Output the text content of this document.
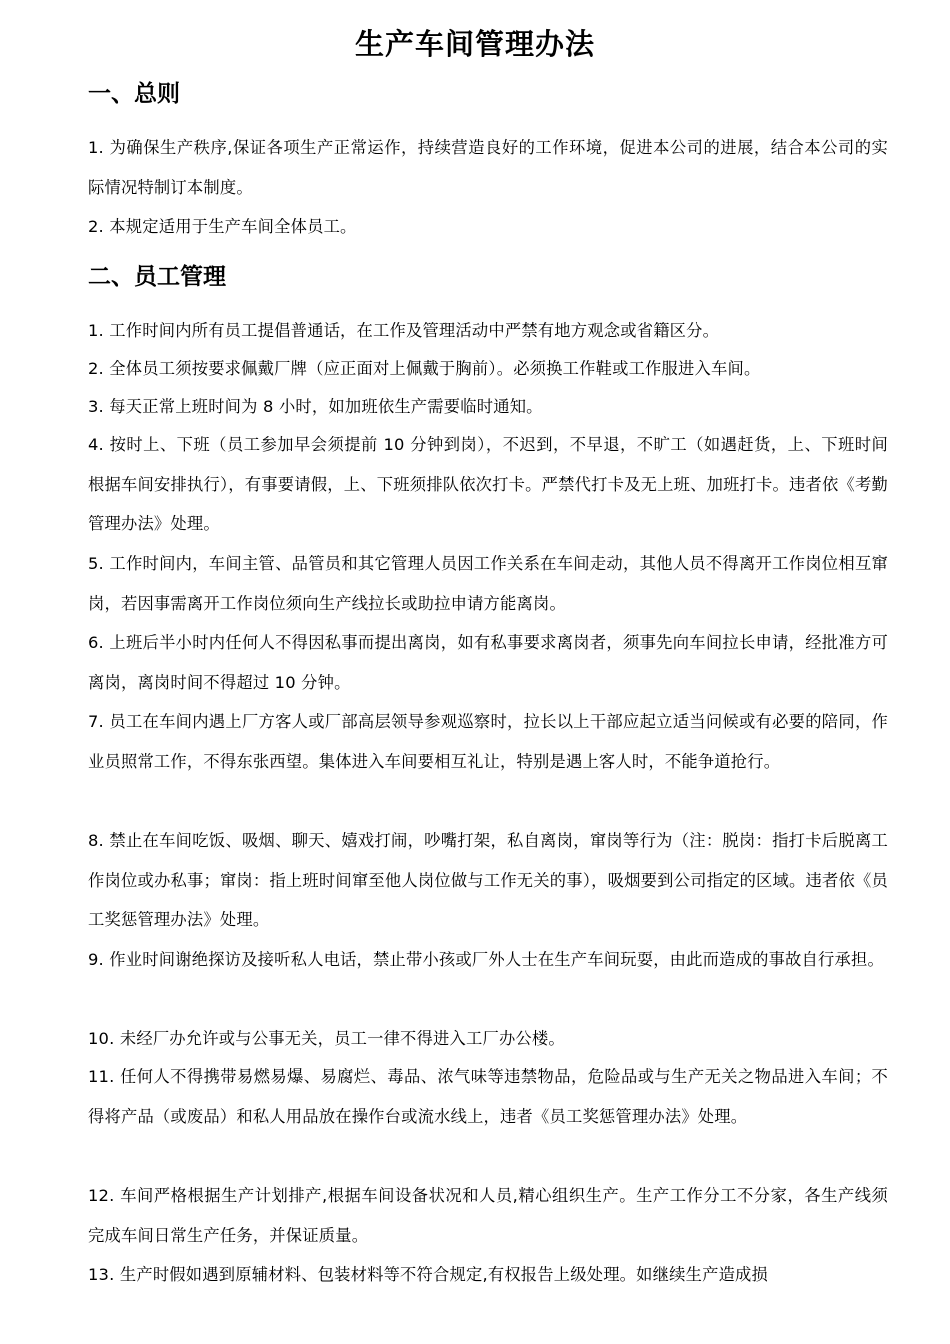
生产车间管理办法
一、总则

1. 为确保生产秩序,保证各项生产正常运作，持续营造良好的工作环境，促进本公司的进展，结合本公司的实际情况特制订本制度。

2. 本规定适用于生产车间全体员工。

二、员工管理

1. 工作时间内所有员工提倡普通话，在工作及管理活动中严禁有地方观念或省籍区分。

2. 全体员工须按要求佩戴厂牌（应正面对上佩戴于胸前）。必须换工作鞋或工作服进入车间。

3. 每天正常上班时间为 8 小时，如加班依生产需要临时通知。

4. 按时上、下班（员工参加早会须提前 10 分钟到岗），不迟到，不早退，不旷工（如遇赶货，上、下班时间根据车间安排执行），有事要请假，上、下班须排队依次打卡。严禁代打卡及无上班、加班打卡。违者依《考勤管理办法》处理。

5. 工作时间内，车间主管、品管员和其它管理人员因工作关系在车间走动，其他人员不得离开工作岗位相互窜岗，若因事需离开工作岗位须向生产线拉长或助拉申请方能离岗。

6. 上班后半小时内任何人不得因私事而提出离岗，如有私事要求离岗者，须事先向车间拉长申请，经批准方可离岗，离岗时间不得超过 10 分钟。

7. 员工在车间内遇上厂方客人或厂部高层领导参观巡察时，拉长以上干部应起立适当问候或有必要的陪同，作业员照常工作，不得东张西望。集体进入车间要相互礼让，特别是遇上客人时，不能争道抢行。

8. 禁止在车间吃饭、吸烟、聊天、嬉戏打闹，吵嘴打架，私自离岗，窜岗等行为（注：脱岗：指打卡后脱离工作岗位或办私事；窜岗：指上班时间窜至他人岗位做与工作无关的事），吸烟要到公司指定的区域。违者依《员工奖惩管理办法》处理。

9. 作业时间谢绝探访及接听私人电话，禁止带小孩或厂外人士在生产车间玩耍，由此而造成的事故自行承担。

10. 未经厂办允许或与公事无关，员工一律不得进入工厂办公楼。

11. 任何人不得携带易燃易爆、易腐烂、毒品、浓气味等违禁物品，危险品或与生产无关之物品进入车间；不得将产品（或废品）和私人用品放在操作台或流水线上，违者《员工奖惩管理办法》处理。

12. 车间严格根据生产计划排产,根据车间设备状况和人员,精心组织生产。生产工作分工不分家，各生产线须完成车间日常生产任务，并保证质量。

13. 生产时假如遇到原辅材料、包装材料等不符合规定,有权报告上级处理。如继续生产造成损
